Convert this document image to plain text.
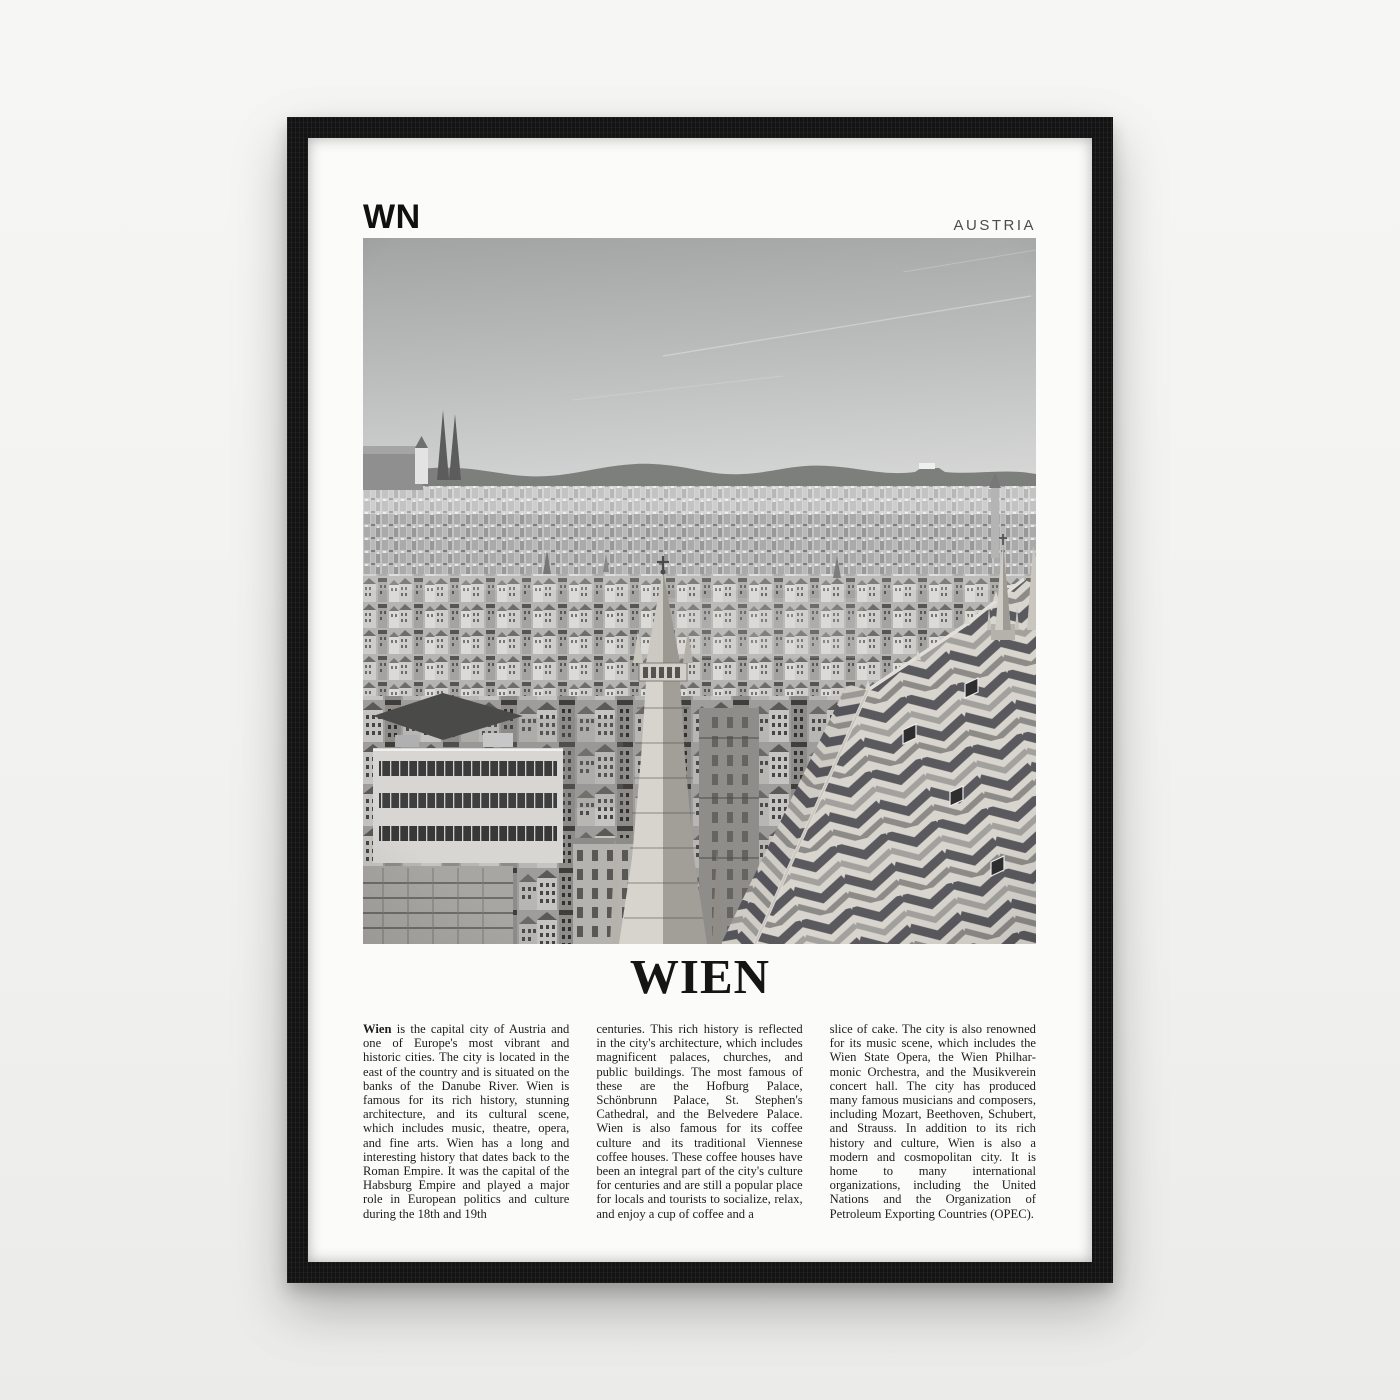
WN	AUSTRIA
WIEN

Wien is the capital city of Austria and one of Europe's most vibrant and historic cities. The city is located in the east of the country and is situated on the banks of the Danube River. Wien is famous for its rich history, stunning architecture, and its cultural scene, which includes music, theatre, opera, and fine arts. Wien has a long and interesting history that dates back to the Roman Empire. It was the capital of the Habsburg Empire and played a major role in European politics and culture during the 18th and 19th

centuries. This rich history is reflected in the city's architecture, which includes magnificent palaces, churches, and public buildings. The most famous of these are the Hofburg Palace, Schönbrunn Palace, St. Stephen's Cathedral, and the Belvedere Palace. Wien is also famous for its coffee culture and its traditional Viennese coffee houses. These coffee houses have been an integral part of the city's culture for centuries and are still a popular place for locals and tourists to socialize, relax, and enjoy a cup of coffee and a

slice of cake. The city is also renowned for its music scene, which includes the Wien State Opera, the Wien Philharmonic Orchestra, and the Musikverein concert hall. The city has produced many famous musicians and composers, including Mozart, Beethoven, Schubert, and Strauss. In addition to its rich history and culture, Wien is also a modern and cosmopolitan city. It is home to many international organizations, including the United Nations and the Organization of Petroleum Exporting Countries (OPEC).
